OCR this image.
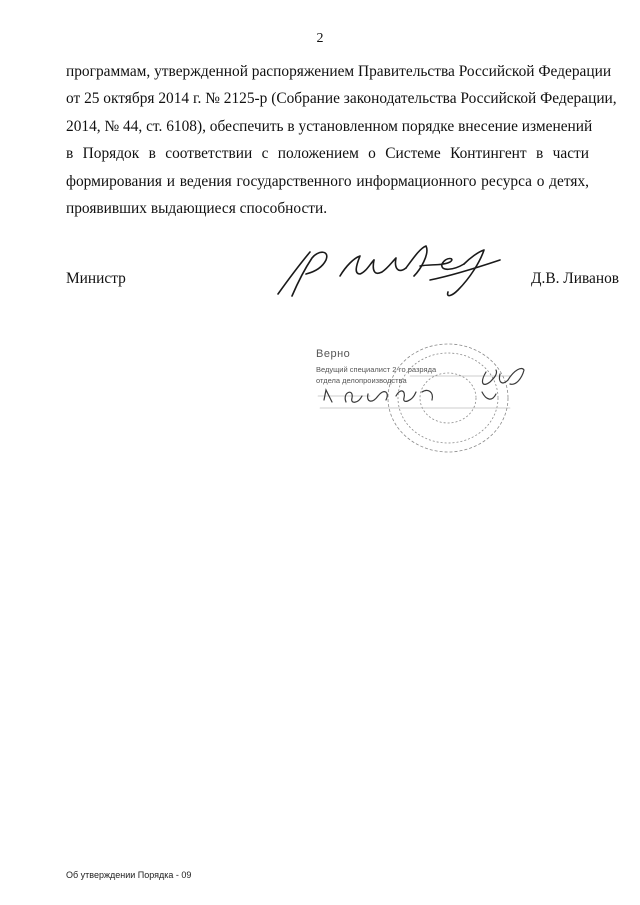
2
программам, утвержденной распоряжением Правительства Российской Федерации
от 25 октября 2014 г. № 2125-р (Собрание законодательства Российской Федерации,
2014, № 44, ст. 6108), обеспечить в установленном порядке внесение изменений
в Порядок в соответствии с положением о Системе Контингент в части
формирования и ведения государственного информационного ресурса о детях,
проявивших выдающиеся способности.
Министр	Д.В. Ливанов
Верно
Ведущий специалист 2-го разряда
отдела делопроизводства
Об утверждении Порядка - 09
